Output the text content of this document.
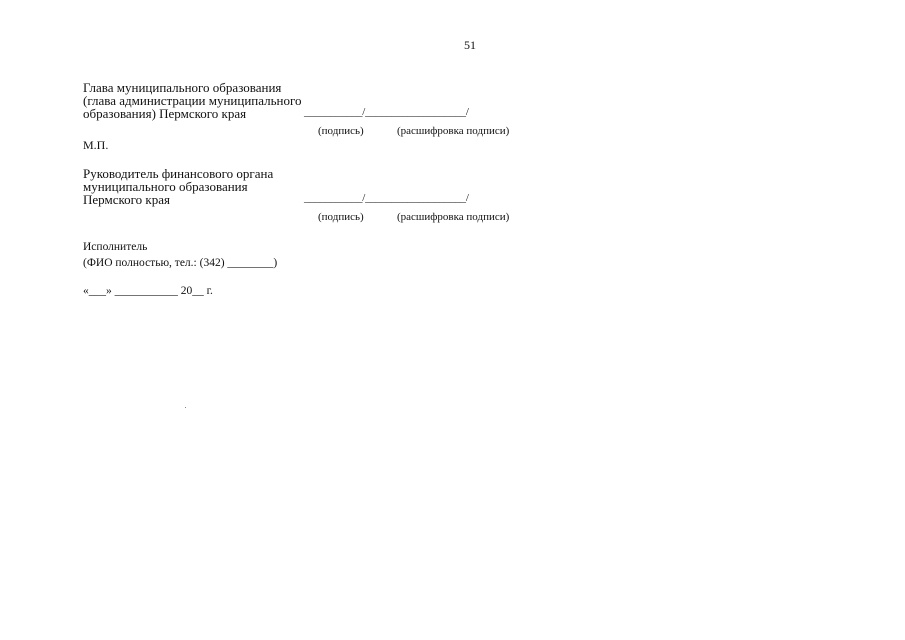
51
Глава муниципального образования
(глава администрации муниципального
образования) Пермского края	___________/___________________/
(подпись)	(расшифровка подписи)
М.П.
Руководитель финансового органа
муниципального образования
Пермского края	___________/___________________/
(подпись)	(расшифровка подписи)
Исполнитель
(ФИО полностью, тел.: (342) ________)
«___» ___________ 20__ г.
